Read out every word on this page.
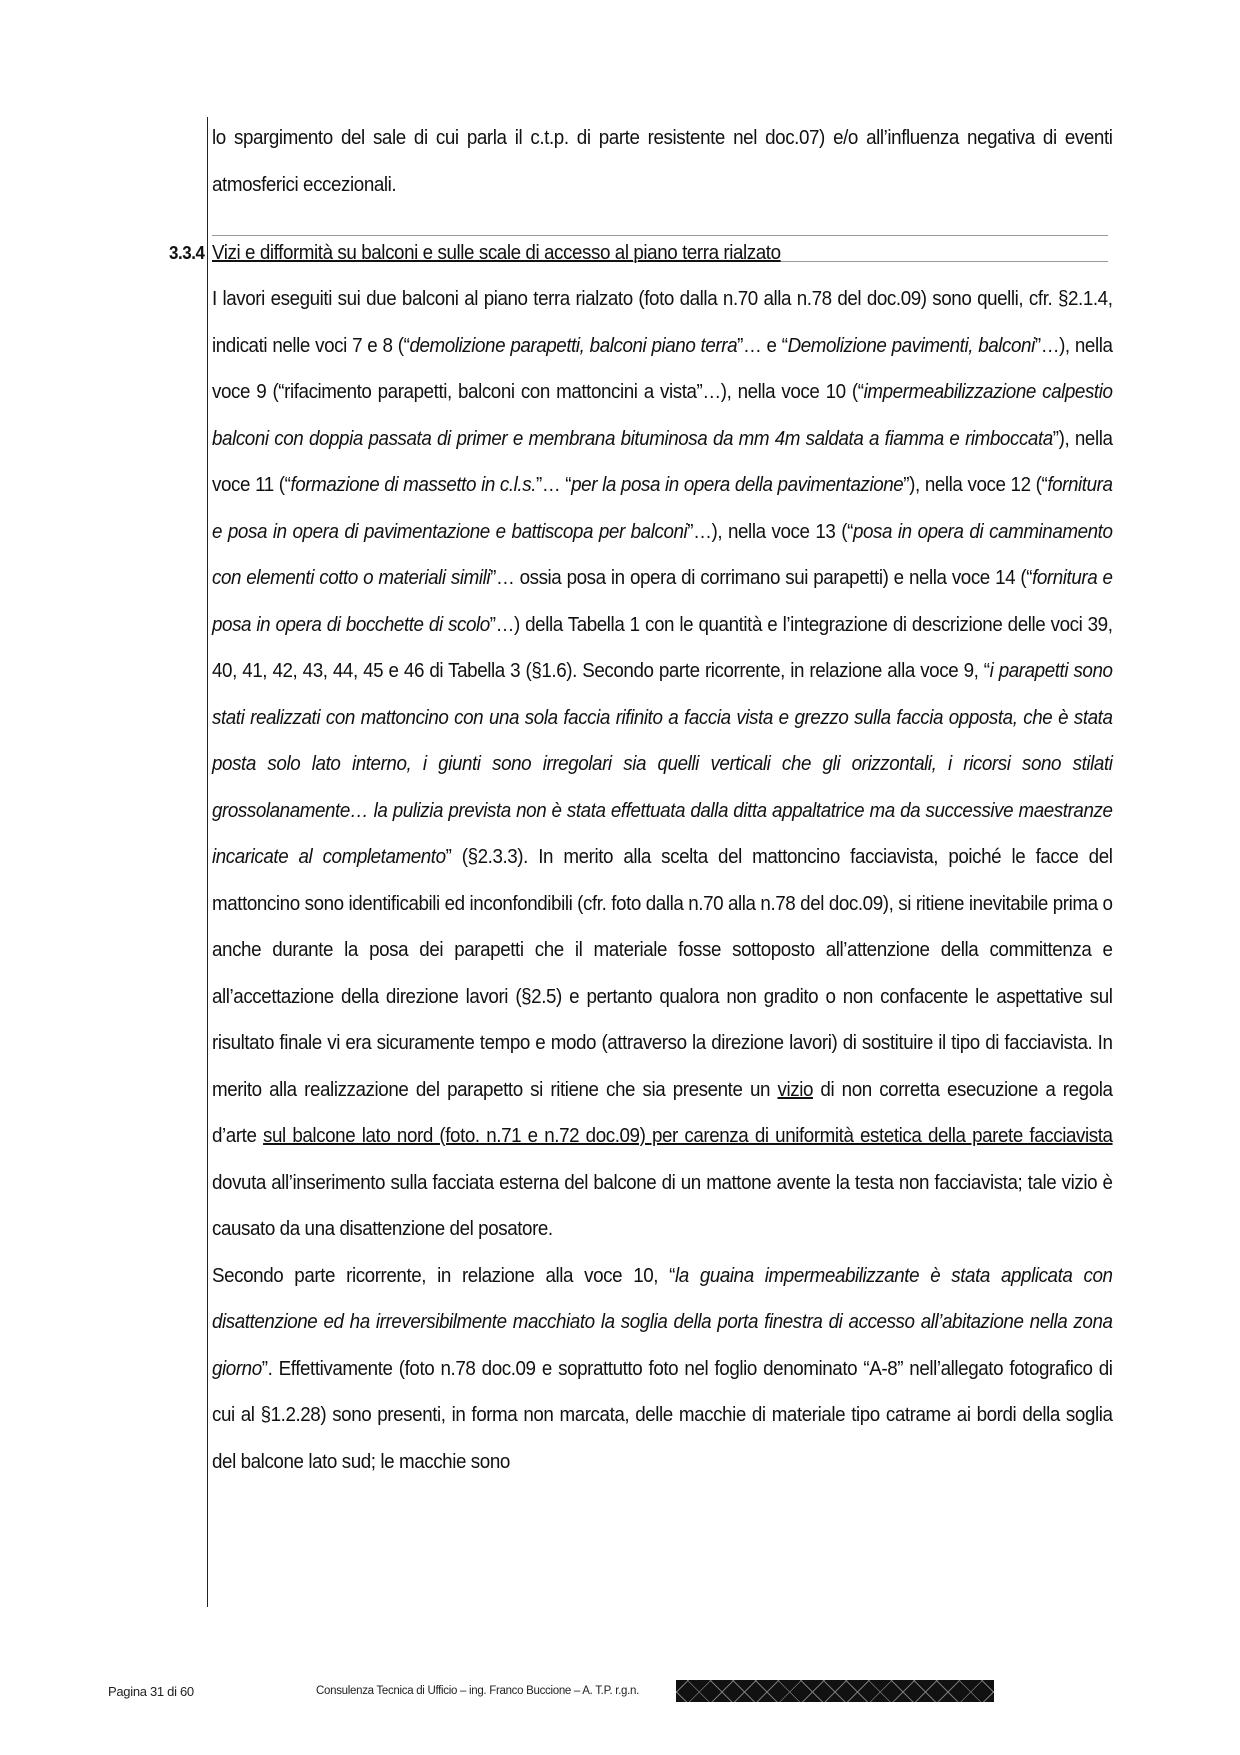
lo spargimento del sale di cui parla il c.t.p. di parte resistente nel doc.07) e/o all’influenza negativa di eventi atmosferici eccezionali.

3.3.4 Vizi e difformità su balconi e sulle scale di accesso al piano terra rialzato

I lavori eseguiti sui due balconi al piano terra rialzato (foto dalla n.70 alla n.78 del doc.09) sono quelli, cfr. §2.1.4, indicati nelle voci 7 e 8 (“demolizione parapetti, balconi piano terra”… e “Demolizione pavimenti, balconi”…), nella voce 9 (“rifacimento parapetti, balconi con mattoncini a vista”…), nella voce 10 (“impermeabilizzazione calpestio balconi con doppia passata di primer e membrana bituminosa da mm 4m saldata a fiamma e rimboccata”), nella voce 11 (“formazione di massetto in c.l.s.”… “per la posa in opera della pavimentazione”), nella voce 12 (“fornitura e posa in opera di pavimentazione e battiscopa per balconi”…), nella voce 13 (“posa in opera di camminamento con elementi cotto o materiali simili”… ossia posa in opera di corrimano sui parapetti) e nella voce 14 (“fornitura e posa in opera di bocchette di scolo”…) della Tabella 1 con le quantità e l’integrazione di descrizione delle voci 39, 40, 41, 42, 43, 44, 45 e 46 di Tabella 3 (§1.6). Secondo parte ricorrente, in relazione alla voce 9, “i parapetti sono stati realizzati con mattoncino con una sola faccia rifinito a faccia vista e grezzo sulla faccia opposta, che è stata posta solo lato interno, i giunti sono irregolari sia quelli verticali che gli orizzontali, i ricorsi sono stilati grossolanamente… la pulizia prevista non è stata effettuata dalla ditta appaltatrice ma da successive maestranze incaricate al completamento” (§2.3.3). In merito alla scelta del mattoncino facciavista, poiché le facce del mattoncino sono identificabili ed inconfondibili (cfr. foto dalla n.70 alla n.78 del doc.09), si ritiene inevitabile prima o anche durante la posa dei parapetti che il materiale fosse sottoposto all’attenzione della committenza e all’accettazione della direzione lavori (§2.5) e pertanto qualora non gradito o non confacente le aspettative sul risultato finale vi era sicuramente tempo e modo (attraverso la direzione lavori) di sostituire il tipo di facciavista. In merito alla realizzazione del parapetto si ritiene che sia presente un vizio di non corretta esecuzione a regola d’arte sul balcone lato nord (foto. n.71 e n.72 doc.09) per carenza di uniformità estetica della parete facciavista dovuta all’inserimento sulla facciata esterna del balcone di un mattone avente la testa non facciavista; tale vizio è causato da una disattenzione del posatore.

Secondo parte ricorrente, in relazione alla voce 10, “la guaina impermeabilizzante è stata applicata con disattenzione ed ha irreversibilmente macchiato la soglia della porta finestra di accesso all’abitazione nella zona giorno”. Effettivamente (foto n.78 doc.09 e soprattutto foto nel foglio denominato “A-8” nell’allegato fotografico di cui al §1.2.28) sono presenti, in forma non marcata, delle macchie di materiale tipo catrame ai bordi della soglia del balcone lato sud; le macchie sono

Pagina 31 di 60	Consulenza Tecnica di Ufficio – ing. Franco Buccione – A. T.P. r.g.n.
